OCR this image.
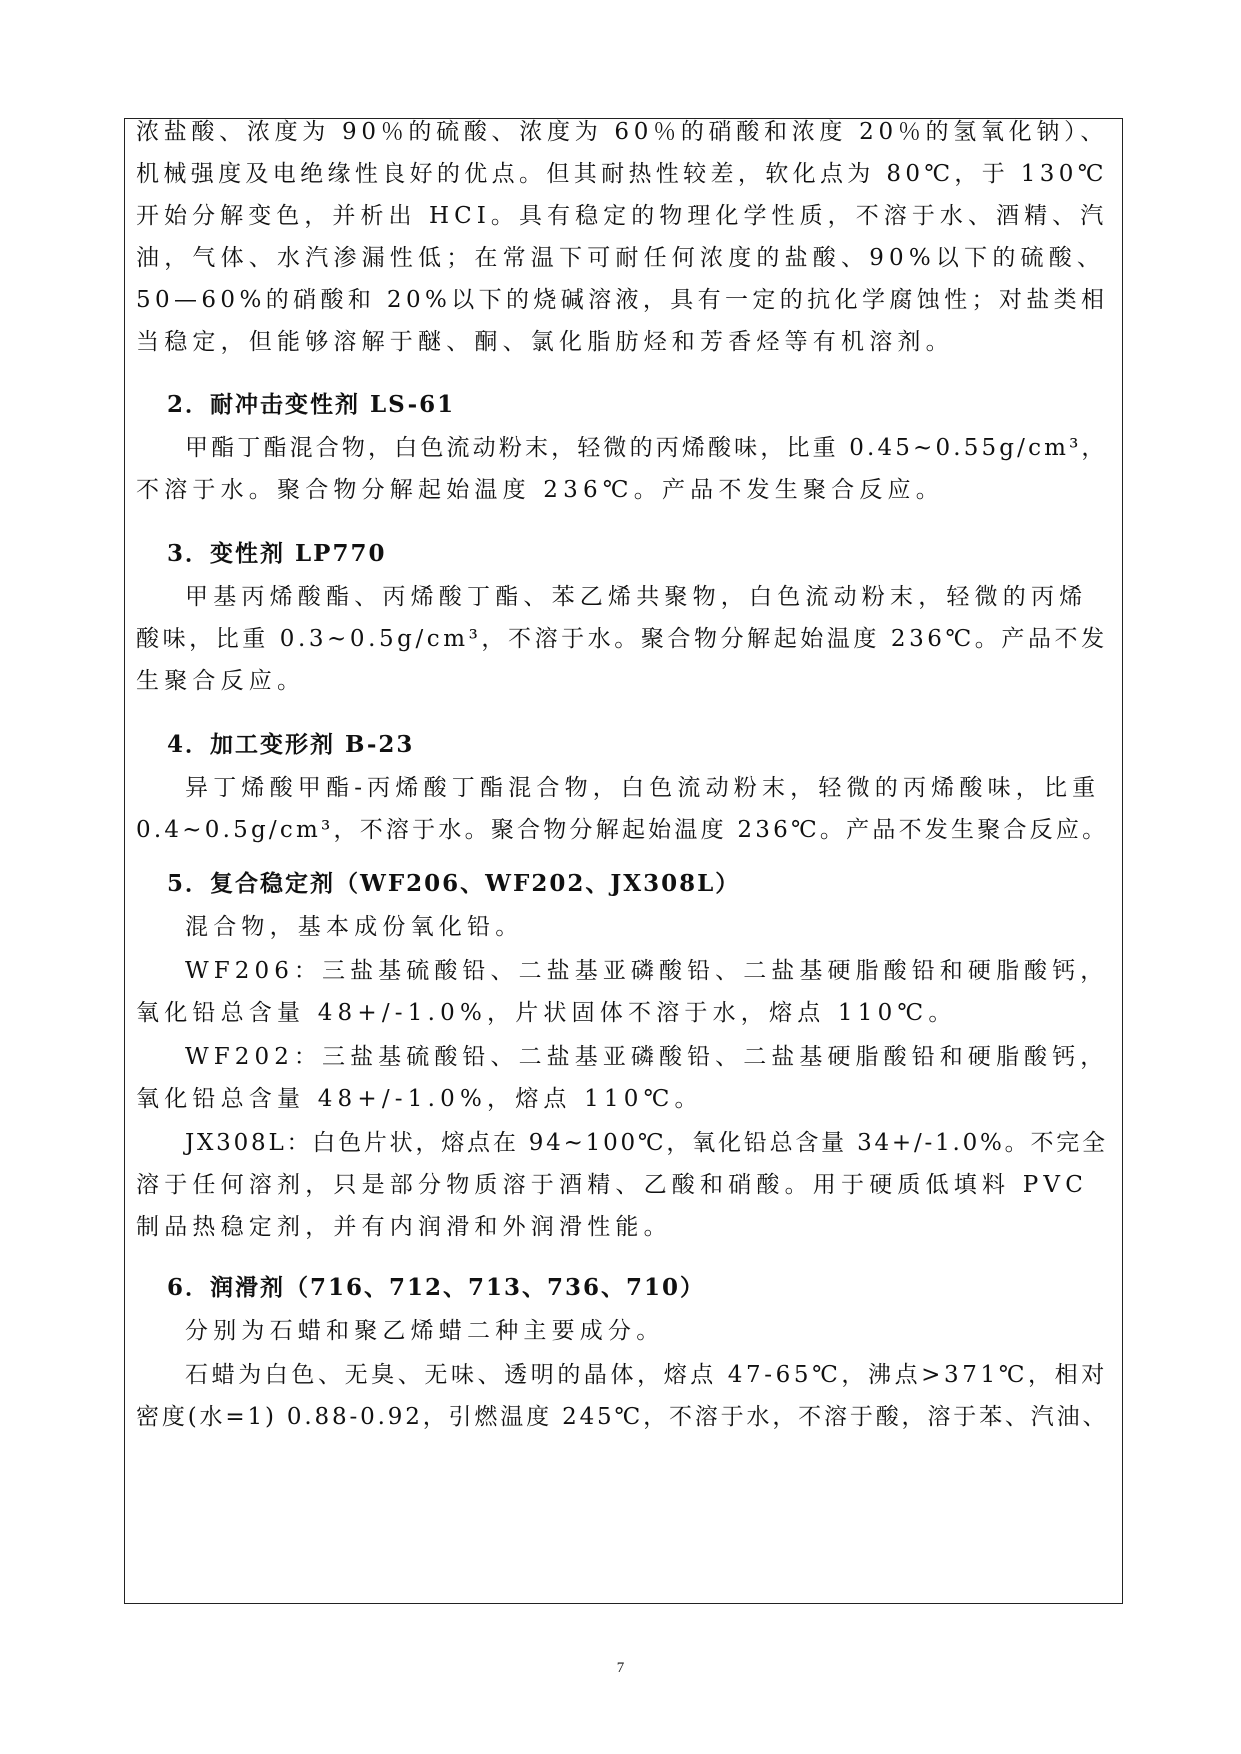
浓盐酸、浓度为 90％的硫酸、浓度为 60％的硝酸和浓度 20％的氢氧化钠）、
机械强度及电绝缘性良好的优点。但其耐热性较差，软化点为 80℃，于 130℃
开始分解变色，并析出 HCI。具有稳定的物理化学性质，不溶于水、酒精、汽
油，气体、水汽渗漏性低；在常温下可耐任何浓度的盐酸、90%以下的硫酸、
50—60%的硝酸和 20%以下的烧碱溶液，具有一定的抗化学腐蚀性；对盐类相
当稳定，但能够溶解于醚、酮、氯化脂肪烃和芳香烃等有机溶剂。
2．耐冲击变性剂 LS-61
甲酯丁酯混合物，白色流动粉末，轻微的丙烯酸味，比重 0.45~0.55g/cm³，
不溶于水。聚合物分解起始温度 236℃。产品不发生聚合反应。
3．变性剂 LP770
甲基丙烯酸酯、丙烯酸丁酯、苯乙烯共聚物，白色流动粉末，轻微的丙烯
酸味，比重 0.3~0.5g/cm³，不溶于水。聚合物分解起始温度 236℃。产品不发
生聚合反应。
4．加工变形剂 B-23
异丁烯酸甲酯-丙烯酸丁酯混合物，白色流动粉末，轻微的丙烯酸味，比重
0.4~0.5g/cm³，不溶于水。聚合物分解起始温度 236℃。产品不发生聚合反应。
5．复合稳定剂（WF206、WF202、JX308L）
混合物，基本成份氧化铅。
WF206：三盐基硫酸铅、二盐基亚磷酸铅、二盐基硬脂酸铅和硬脂酸钙，
氧化铅总含量 48+/-1.0%，片状固体不溶于水，熔点 110℃。
WF202：三盐基硫酸铅、二盐基亚磷酸铅、二盐基硬脂酸铅和硬脂酸钙，
氧化铅总含量 48+/-1.0%，熔点 110℃。
JX308L：白色片状，熔点在 94~100℃，氧化铅总含量 34+/-1.0%。不完全
溶于任何溶剂，只是部分物质溶于酒精、乙酸和硝酸。用于硬质低填料 PVC
制品热稳定剂，并有内润滑和外润滑性能。
6．润滑剂（716、712、713、736、710）
分别为石蜡和聚乙烯蜡二种主要成分。
石蜡为白色、无臭、无味、透明的晶体，熔点 47-65℃，沸点>371℃，相对
密度(水=1) 0.88-0.92，引燃温度 245℃，不溶于水，不溶于酸，溶于苯、汽油、
7
